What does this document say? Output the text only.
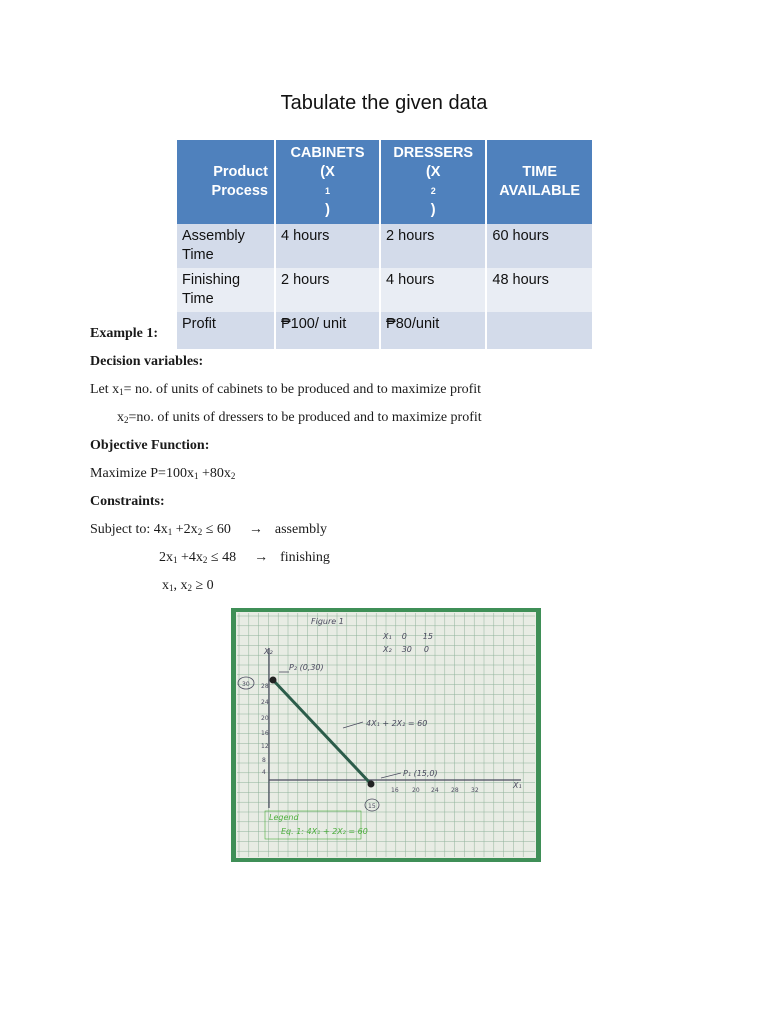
Tabulate the given data
Product
Process	CABINETS
(X
1
)	DRESSERS
(X
2
)	TIME
AVAILABLE

Assembly Time	4 hours	2 hours	60 hours
Finishing Time	2 hours	4 hours	48 hours
Profit	₱100/ unit	₱80/unit	
Example 1:
Decision variables:
Let x1= no. of units of cabinets to be produced and to maximize profit
x2=no. of units of dressers to be produced and to maximize profit
Objective Function:
Maximize P=100x1 +80x2
Constraints:
Subject to: 4x1 +2x2 ≤ 60 → assembly
2x1 +4x2 ≤ 48 → finishing
x1, x2 ≥ 0
Figure 1
X₁ 0 15
X₂ 30 0
X₂
X₁
P₂ (0,30)
P₁ (15,0)
4X₁ + 2X₂ = 60
28
24
20
16
12
8
4
16 20 24 28 32
30
15
Legend
Eq. 1: 4X₁ + 2X₂ = 60
